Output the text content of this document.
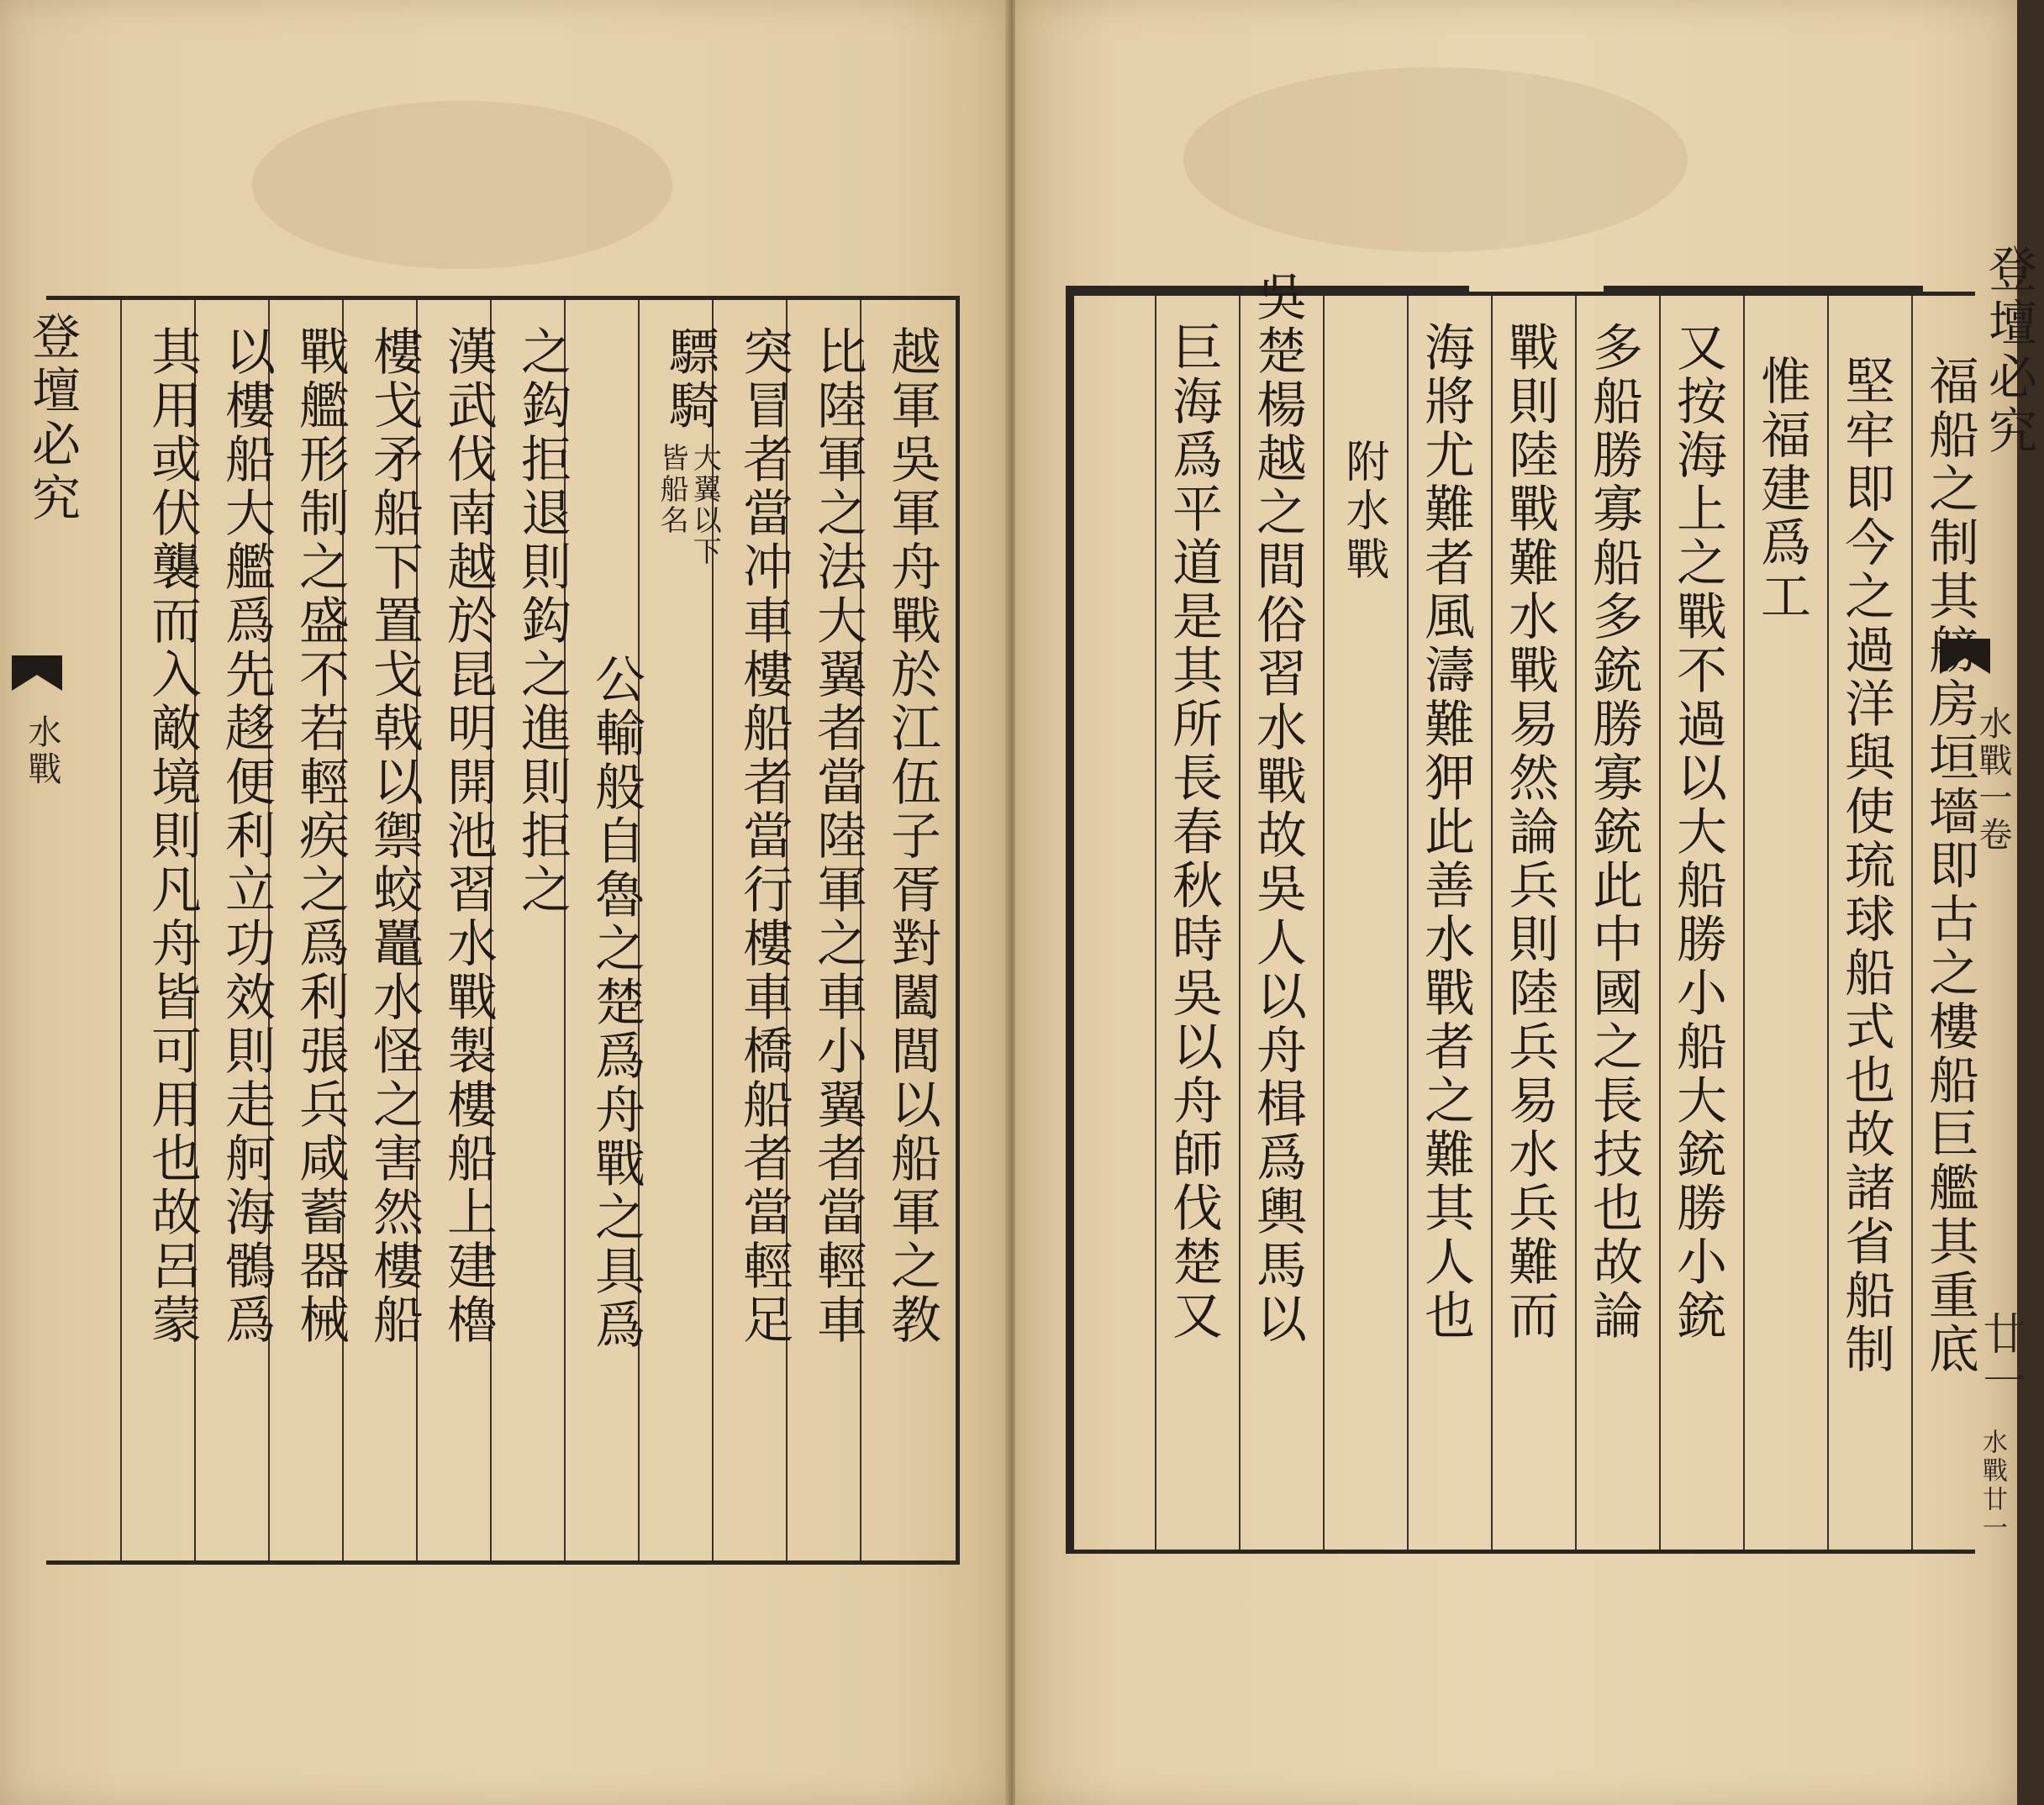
登壇必究
水戰	越軍吳軍舟戰於江伍子胥對闔閭以船軍之教
比陸軍之法大翼者當陸軍之車小翼者當輕車
突冒者當冲車樓船者當行樓車橋船者當輕足
驃騎
大翼以下
皆船名
公輸般自魯之楚爲舟戰之具爲
之鈎拒退則鈎之進則拒之
漢武伐南越於昆明開池習水戰製樓船上建櫓
樓戈矛船下置戈戟以禦蛟鼉水怪之害然樓船
戰艦形制之盛不若輕疾之爲利張兵咸蓄器械
以樓船大艦爲先趍便利立功效則走舸海鶻爲
其用或伏襲而入敵境則凡舟皆可用也故呂蒙	登壇必究
水戰一卷
廿一
水戰廿一
福船之制其艕房垣墻即古之樓船巨艦其重底
堅牢即今之過洋與使琉球船式也故諸省船制
惟福建爲工
又按海上之戰不過以大船勝小船大銃勝小銃
多船勝寡船多銃勝寡銃此中國之長技也故論
戰則陸戰難水戰易然論兵則陸兵易水兵難而
海將尤難者風濤難狎此善水戰者之難其人也
附水戰
吳楚楊越之間俗習水戰故吳人以舟楫爲輿馬以
巨海爲平道是其所長春秋時吳以舟師伐楚又
